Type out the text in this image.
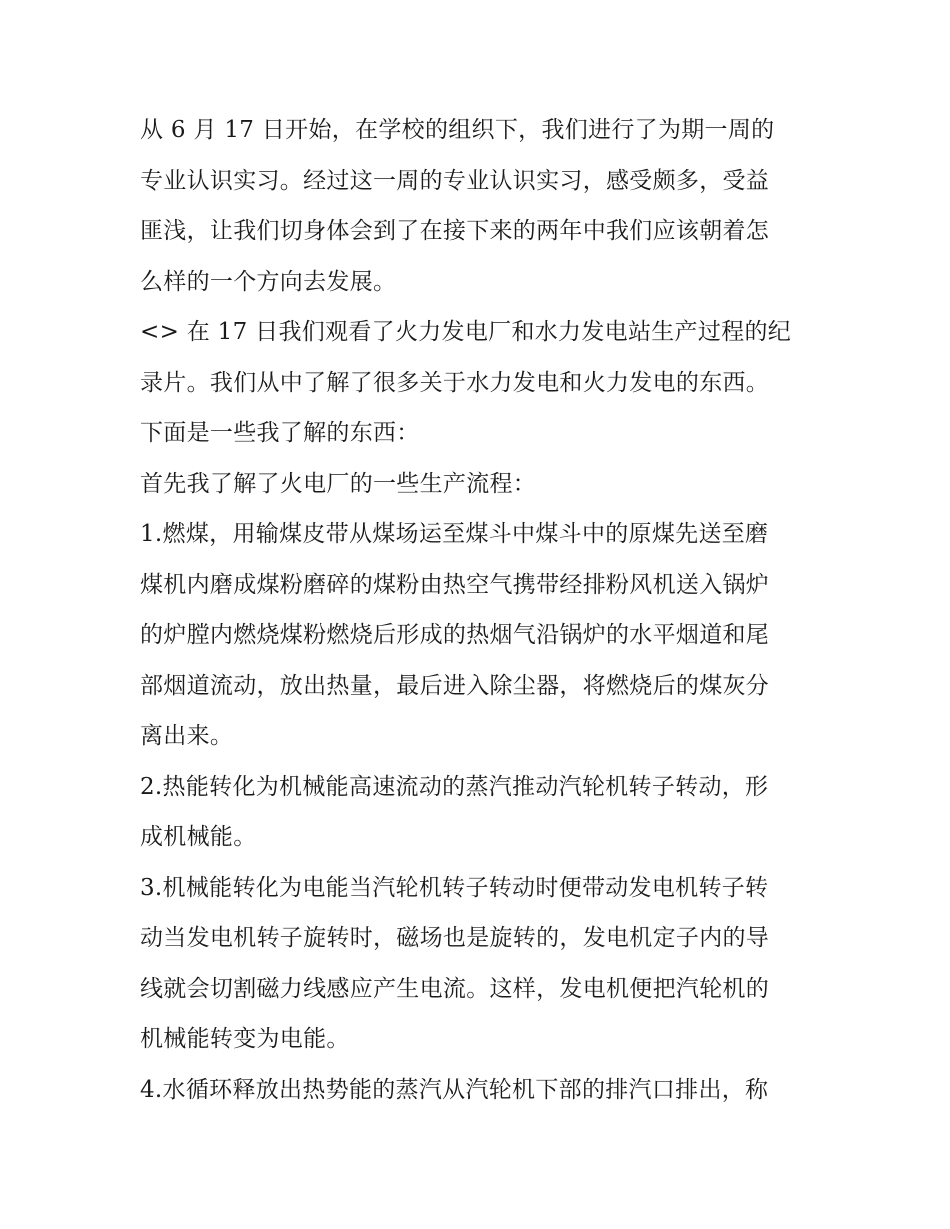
从 6 月 17 日开始，在学校的组织下，我们进行了为期一周的
专业认识实习。经过这一周的专业认识实习，感受颇多，受益
匪浅，让我们切身体会到了在接下来的两年中我们应该朝着怎
么样的一个方向去发展。
<> 在 17 日我们观看了火力发电厂和水力发电站生产过程的纪
录片。我们从中了解了很多关于水力发电和火力发电的东西。
下面是一些我了解的东西：
首先我了解了火电厂的一些生产流程：
1.燃煤，用输煤皮带从煤场运至煤斗中煤斗中的原煤先送至磨
煤机内磨成煤粉磨碎的煤粉由热空气携带经排粉风机送入锅炉
的炉膛内燃烧煤粉燃烧后形成的热烟气沿锅炉的水平烟道和尾
部烟道流动，放出热量，最后进入除尘器，将燃烧后的煤灰分
离出来。
2.热能转化为机械能高速流动的蒸汽推动汽轮机转子转动，形
成机械能。
3.机械能转化为电能当汽轮机转子转动时便带动发电机转子转
动当发电机转子旋转时，磁场也是旋转的，发电机定子内的导
线就会切割磁力线感应产生电流。这样，发电机便把汽轮机的
机械能转变为电能。
4.水循环释放出热势能的蒸汽从汽轮机下部的排汽口排出，称
